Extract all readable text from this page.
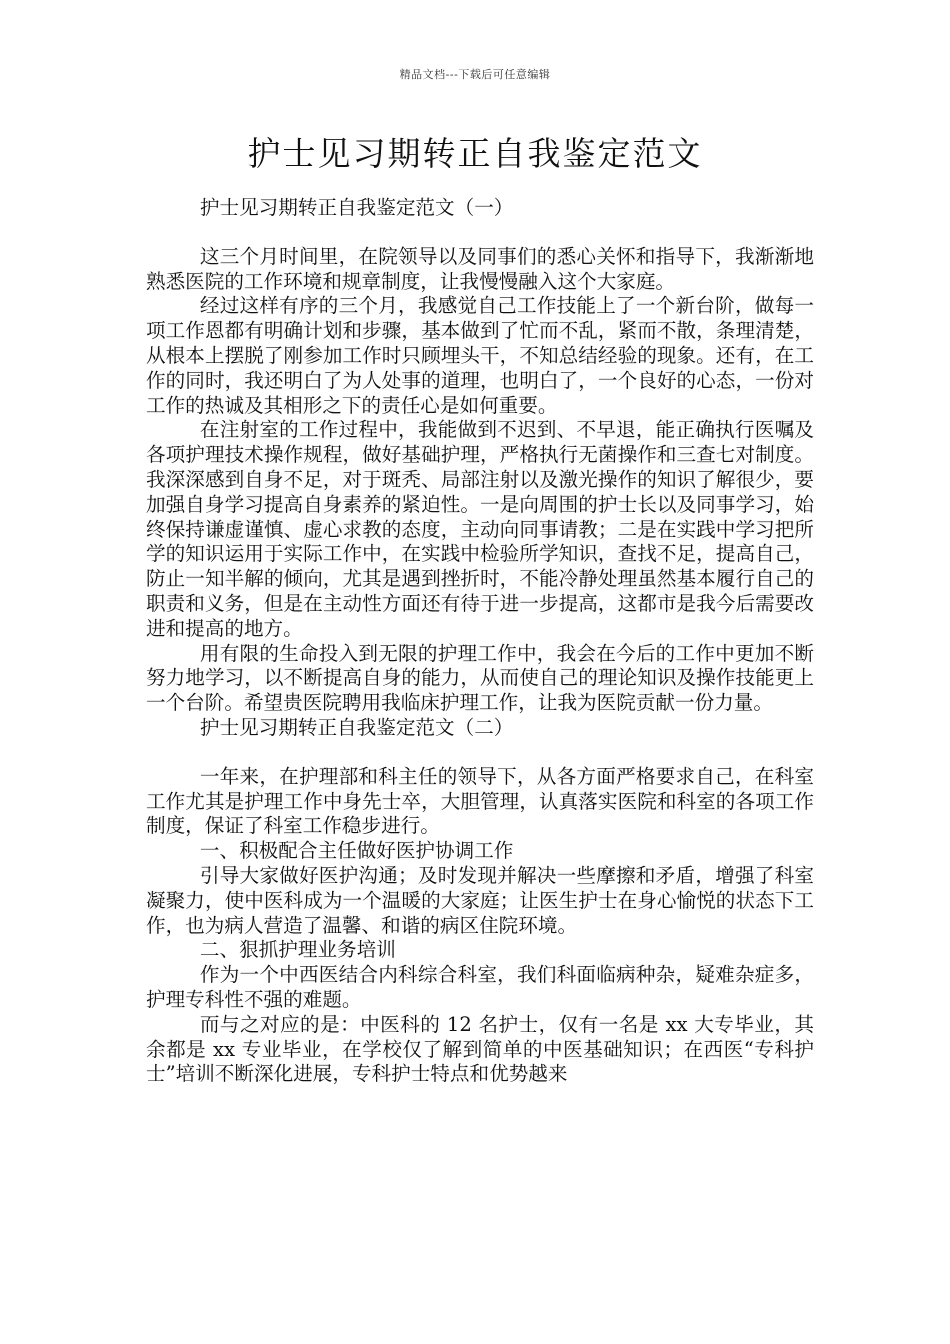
精品文档---下载后可任意编辑
护士见习期转正自我鉴定范文

护士见习期转正自我鉴定范文（一）

这三个月时间里，在院领导以及同事们的悉心关怀和指导下，我渐渐地熟悉医院的工作环境和规章制度，让我慢慢融入这个大家庭。

经过这样有序的三个月，我感觉自己工作技能上了一个新台阶，做每一项工作恩都有明确计划和步骤，基本做到了忙而不乱，紧而不散，条理清楚，从根本上摆脱了刚参加工作时只顾埋头干，不知总结经验的现象。还有，在工作的同时，我还明白了为人处事的道理，也明白了，一个良好的心态，一份对工作的热诚及其相形之下的责任心是如何重要。

在注射室的工作过程中，我能做到不迟到、不早退，能正确执行医嘱及各项护理技术操作规程，做好基础护理，严格执行无菌操作和三查七对制度。我深深感到自身不足，对于斑秃、局部注射以及激光操作的知识了解很少，要加强自身学习提高自身素养的紧迫性。一是向周围的护士长以及同事学习，始终保持谦虚谨慎、虚心求教的态度，主动向同事请教；二是在实践中学习把所学的知识运用于实际工作中，在实践中检验所学知识，查找不足，提高自己，防止一知半解的倾向，尤其是遇到挫折时，不能冷静处理虽然基本履行自己的职责和义务，但是在主动性方面还有待于进一步提高，这都市是我今后需要改进和提高的地方。

用有限的生命投入到无限的护理工作中，我会在今后的工作中更加不断努力地学习，以不断提高自身的能力，从而使自己的理论知识及操作技能更上一个台阶。希望贵医院聘用我临床护理工作，让我为医院贡献一份力量。

护士见习期转正自我鉴定范文（二）

一年来，在护理部和科主任的领导下，从各方面严格要求自己，在科室工作尤其是护理工作中身先士卒，大胆管理，认真落实医院和科室的各项工作制度，保证了科室工作稳步进行。

一、积极配合主任做好医护协调工作

引导大家做好医护沟通；及时发现并解决一些摩擦和矛盾，增强了科室凝聚力，使中医科成为一个温暖的大家庭；让医生护士在身心愉悦的状态下工作，也为病人营造了温馨、和谐的病区住院环境。

二、狠抓护理业务培训

作为一个中西医结合内科综合科室，我们科面临病种杂，疑难杂症多，护理专科性不强的难题。

而与之对应的是：中医科的 12 名护士，仅有一名是 xx 大专毕业，其余都是 xx 专业毕业，在学校仅了解到简单的中医基础知识；在西医“专科护士”培训不断深化进展，专科护士特点和优势越来
